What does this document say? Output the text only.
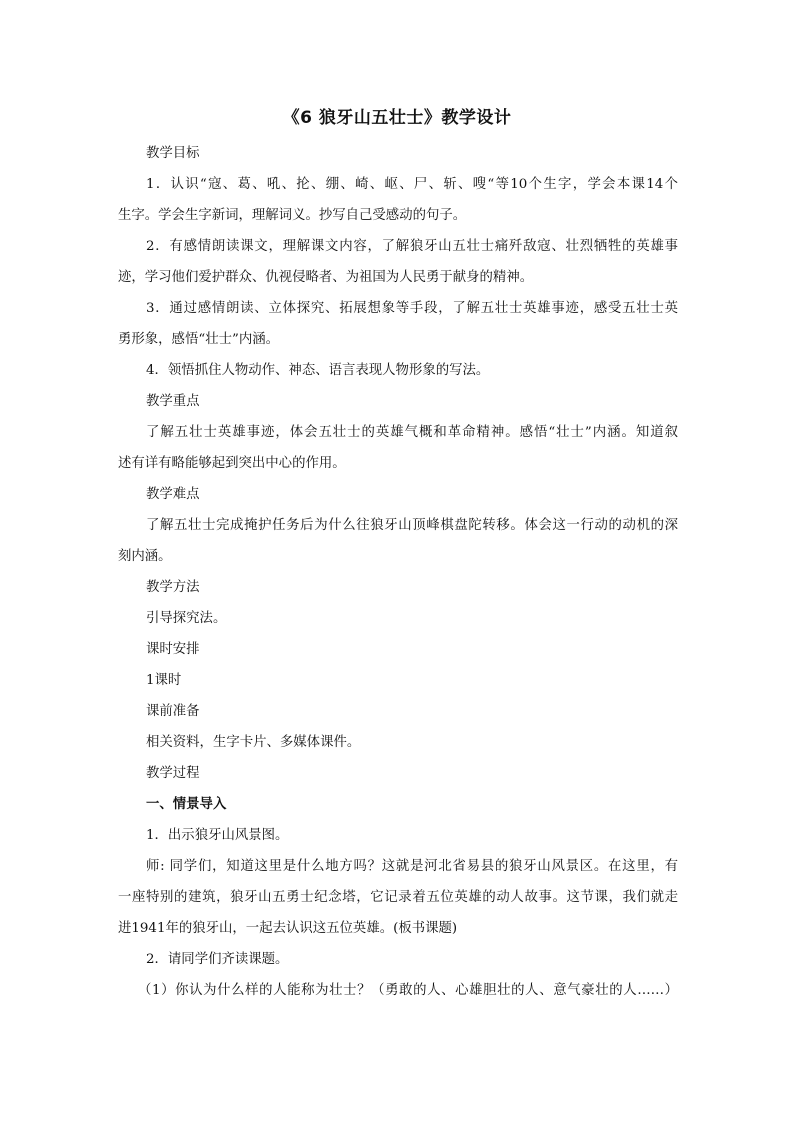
《6 狼牙山五壮士》教学设计

教学目标

1．认识“寇、葛、吼、抡、绷、崎、岖、尸、斩、嗖“等10个生字，学会本课14个

生字。学会生字新词，理解词义。抄写自己受感动的句子。

2．有感情朗读课文，理解课文内容，了解狼牙山五壮士痛歼敌寇、壮烈牺牲的英雄事

迹，学习他们爱护群众、仇视侵略者、为祖国为人民勇于献身的精神。

3．通过感情朗读、立体探究、拓展想象等手段，了解五壮士英雄事迹，感受五壮士英

勇形象，感悟“壮士”内涵。

4．领悟抓住人物动作、神态、语言表现人物形象的写法。

教学重点

了解五壮士英雄事迹，体会五壮士的英雄气概和革命精神。感悟“壮士”内涵。知道叙

述有详有略能够起到突出中心的作用。

教学难点

了解五壮士完成掩护任务后为什么往狼牙山顶峰棋盘陀转移。体会这一行动的动机的深

刻内涵。

教学方法

引导探究法。

课时安排

1课时

课前准备

相关资料，生字卡片、多媒体课件。

教学过程

一、情景导入

1．出示狼牙山风景图。

师: 同学们，知道这里是什么地方吗？这就是河北省易县的狼牙山风景区。在这里，有

一座特别的建筑，狼牙山五勇士纪念塔，它记录着五位英雄的动人故事。这节课，我们就走

进1941年的狼牙山，一起去认识这五位英雄。(板书课题)

2．请同学们齐读课题。

（1）你认为什么样的人能称为壮士？（勇敢的人、心雄胆壮的人、意气豪壮的人……）
